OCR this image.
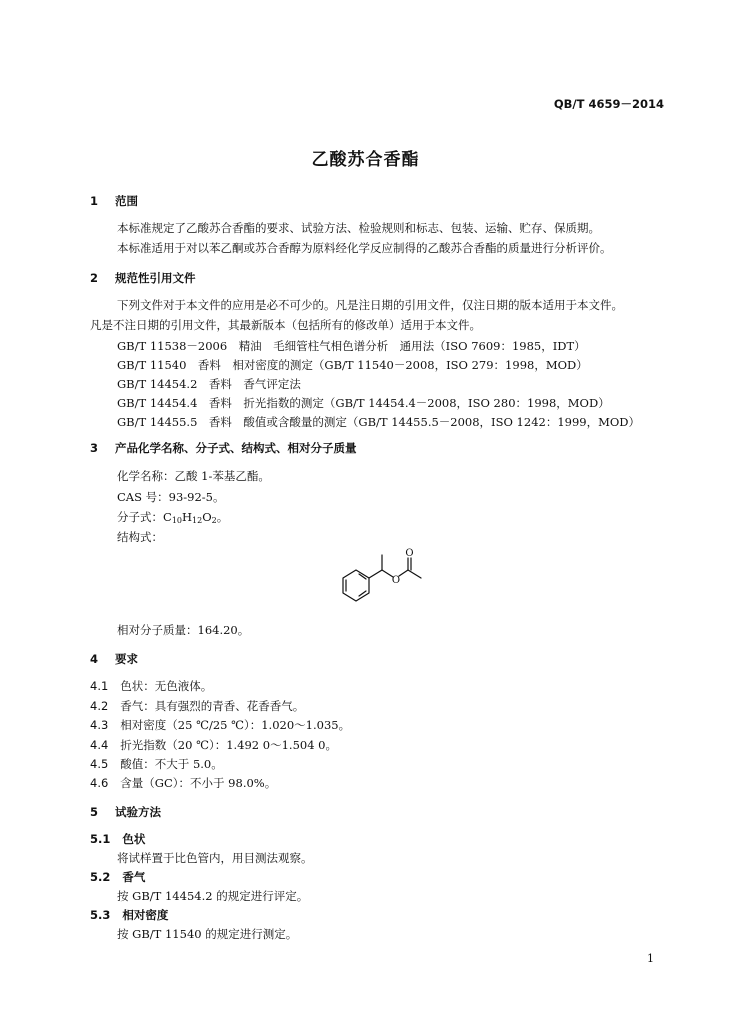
QB/T 4659－2014
乙酸苏合香酯
1 范围
本标准规定了乙酸苏合香酯的要求、试验方法、检验规则和标志、包装、运输、贮存、保质期。
本标准适用于对以苯乙酮或苏合香醇为原料经化学反应制得的乙酸苏合香酯的质量进行分析评价。
2 规范性引用文件
下列文件对于本文件的应用是必不可少的。凡是注日期的引用文件，仅注日期的版本适用于本文件。
凡是不注日期的引用文件，其最新版本（包括所有的修改单）适用于本文件。
GB/T 11538－2006　精油　毛细管柱气相色谱分析　通用法（ISO 7609：1985，IDT）
GB/T 11540　香料　相对密度的测定（GB/T 11540－2008，ISO 279：1998，MOD）
GB/T 14454.2　香料　香气评定法
GB/T 14454.4　香料　折光指数的测定（GB/T 14454.4－2008，ISO 280：1998，MOD）
GB/T 14455.5　香料　酸值或含酸量的测定（GB/T 14455.5－2008，ISO 1242：1999，MOD）
3 产品化学名称、分子式、结构式、相对分子质量
化学名称：乙酸 1-苯基乙酯。
CAS 号：93-92-5。
分子式：$C_{10}H_{12}O_2$。
结构式：
O
O
相对分子质量：164.20。
4 要求
4.1 色状：无色液体。
4.2 香气：具有强烈的青香、花香香气。
4.3 相对密度（25 ℃/25 ℃）：1.020～1.035。
4.4 折光指数（20 ℃）：1.492 0～1.504 0。
4.5 酸值：不大于 5.0。
4.6 含量（GC）：不小于 98.0%。
5 试验方法
5.1 色状
将试样置于比色管内，用目测法观察。
5.2 香气
按 GB/T 14454.2 的规定进行评定。
5.3 相对密度
按 GB/T 11540 的规定进行测定。
1
